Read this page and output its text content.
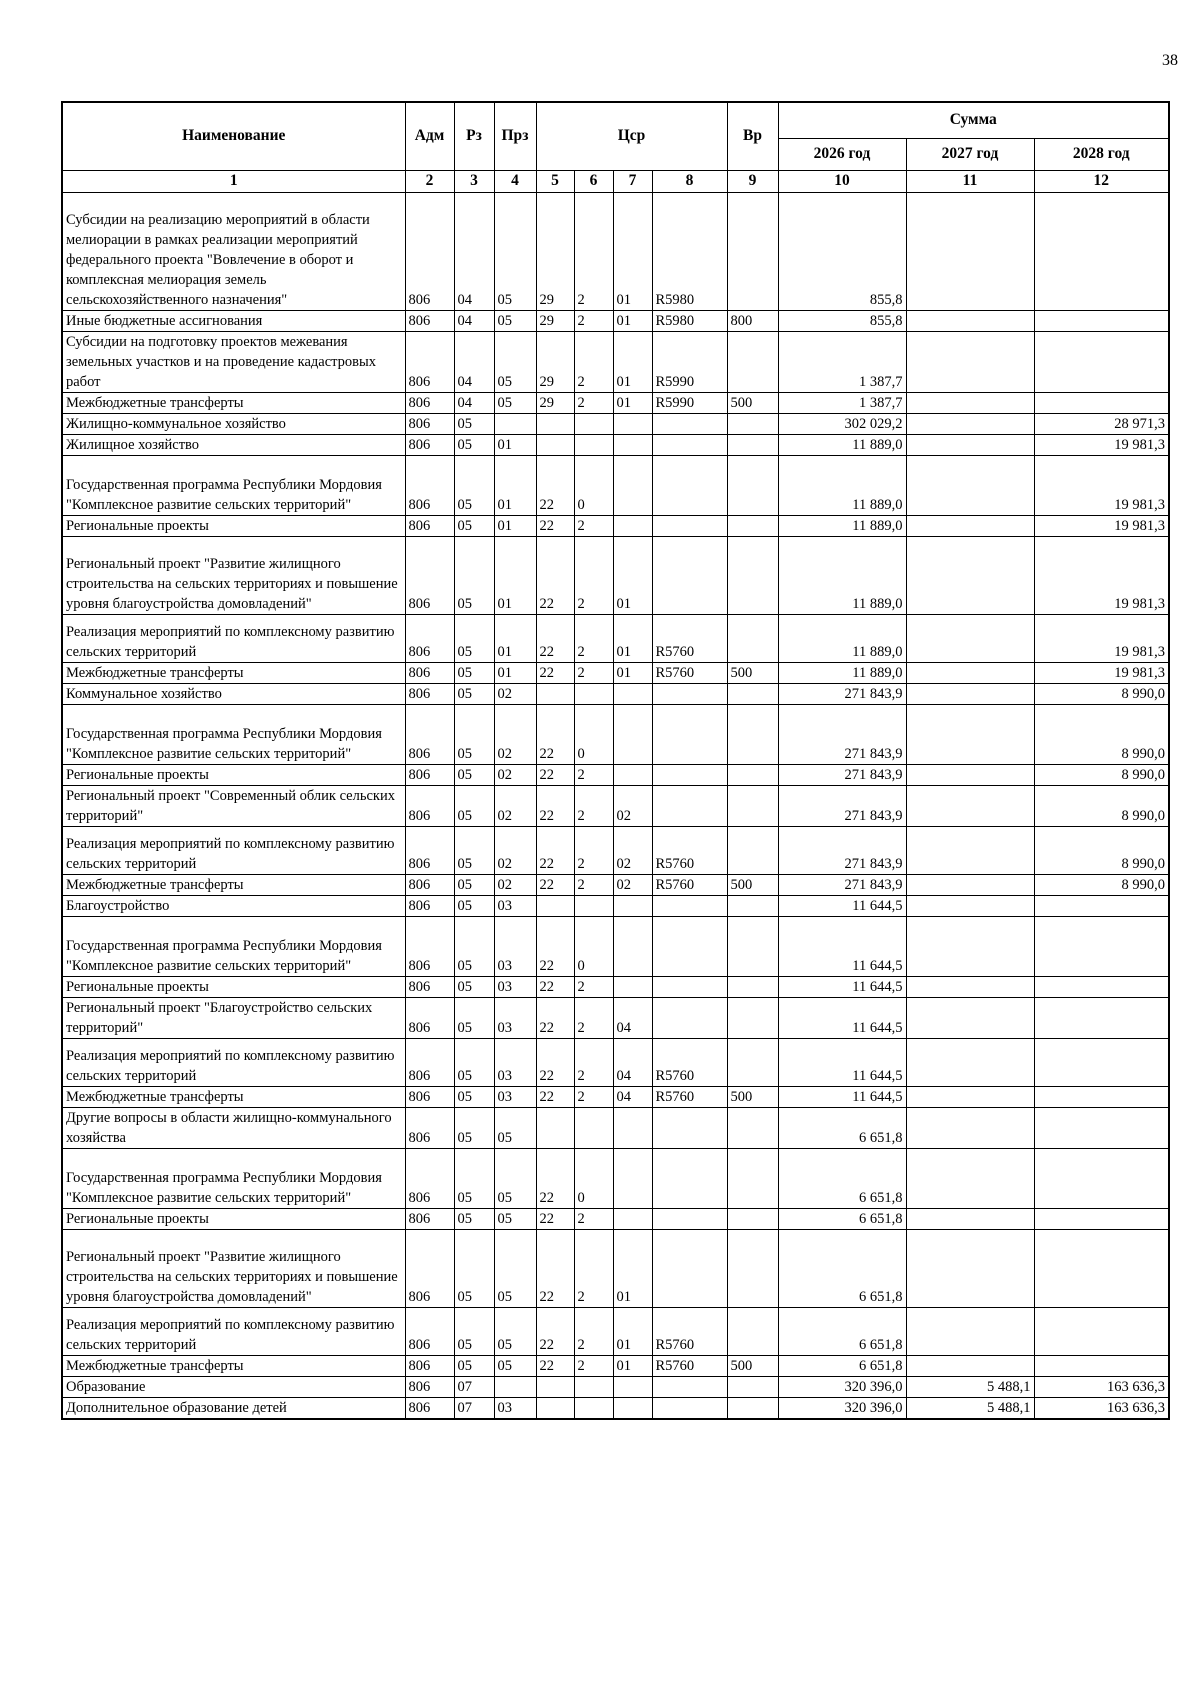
38
Наименование	Адм	Рз	Прз	Цср				Вр	Сумма		
									2026 год	2027 год	2028 год
1	2	3	4	5	6	7	8	9	10	11	12
Субсидии на реализацию мероприятий в области мелиорации в рамках реализации мероприятий федерального проекта "Вовлечение в оборот и комплексная мелиорация земель сельскохозяйственного назначения"	806	04	05	29	2	01	R5980		855,8		
Иные бюджетные ассигнования	806	04	05	29	2	01	R5980	800	855,8		
Субсидии на подготовку проектов межевания земельных участков и на проведение кадастровых работ	806	04	05	29	2	01	R5990		1 387,7		
Межбюджетные трансферты	806	04	05	29	2	01	R5990	500	1 387,7		
Жилищно-коммунальное хозяйство	806	05							302 029,2		28 971,3
Жилищное хозяйство	806	05	01						11 889,0		19 981,3
Государственная программа Республики Мордовия "Комплексное развитие сельских территорий"	806	05	01	22	0				11 889,0		19 981,3
Региональные проекты	806	05	01	22	2				11 889,0		19 981,3
Региональный проект "Развитие жилищного строительства на сельских территориях и повышение уровня благоустройства домовладений"	806	05	01	22	2	01			11 889,0		19 981,3
Реализация мероприятий по комплексному развитию сельских территорий	806	05	01	22	2	01	R5760		11 889,0		19 981,3
Межбюджетные трансферты	806	05	01	22	2	01	R5760	500	11 889,0		19 981,3
Коммунальное хозяйство	806	05	02						271 843,9		8 990,0
Государственная программа Республики Мордовия "Комплексное развитие сельских территорий"	806	05	02	22	0				271 843,9		8 990,0
Региональные проекты	806	05	02	22	2				271 843,9		8 990,0
Региональный проект "Современный облик сельских территорий"	806	05	02	22	2	02			271 843,9		8 990,0
Реализация мероприятий по комплексному развитию сельских территорий	806	05	02	22	2	02	R5760		271 843,9		8 990,0
Межбюджетные трансферты	806	05	02	22	2	02	R5760	500	271 843,9		8 990,0
Благоустройство	806	05	03						11 644,5		
Государственная программа Республики Мордовия "Комплексное развитие сельских территорий"	806	05	03	22	0				11 644,5		
Региональные проекты	806	05	03	22	2				11 644,5		
Региональный проект "Благоустройство сельских территорий"	806	05	03	22	2	04			11 644,5		
Реализация мероприятий по комплексному развитию сельских территорий	806	05	03	22	2	04	R5760		11 644,5		
Межбюджетные трансферты	806	05	03	22	2	04	R5760	500	11 644,5		
Другие вопросы в области жилищно-коммунального хозяйства	806	05	05						6 651,8		
Государственная программа Республики Мордовия "Комплексное развитие сельских территорий"	806	05	05	22	0				6 651,8		
Региональные проекты	806	05	05	22	2				6 651,8		
Региональный проект "Развитие жилищного строительства на сельских территориях и повышение уровня благоустройства домовладений"	806	05	05	22	2	01			6 651,8		
Реализация мероприятий по комплексному развитию сельских территорий	806	05	05	22	2	01	R5760		6 651,8		
Межбюджетные трансферты	806	05	05	22	2	01	R5760	500	6 651,8		
Образование	806	07							320 396,0	5 488,1	163 636,3
Дополнительное образование детей	806	07	03						320 396,0	5 488,1	163 636,3
